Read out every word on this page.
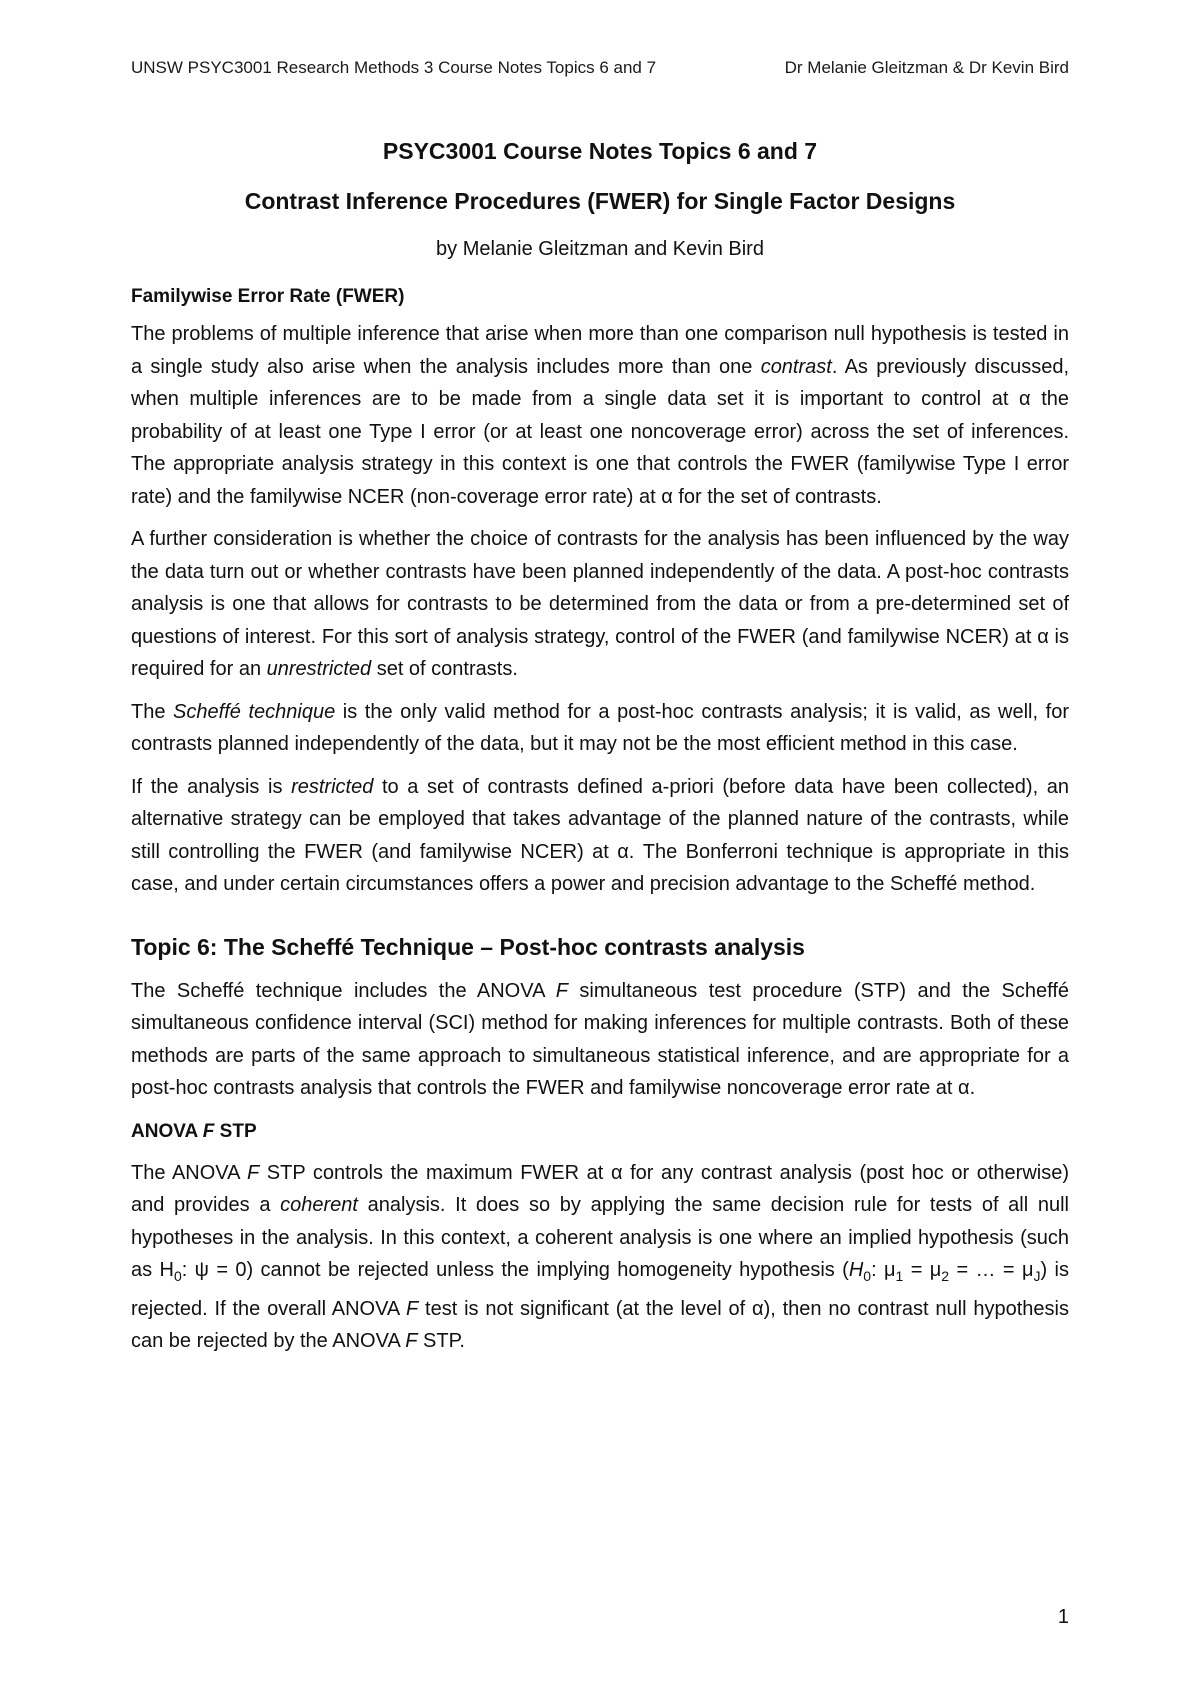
UNSW PSYC3001 Research Methods 3 Course Notes Topics 6 and 7	Dr Melanie Gleitzman & Dr Kevin Bird
PSYC3001 Course Notes Topics 6 and 7
Contrast Inference Procedures (FWER) for Single Factor Designs
by Melanie Gleitzman and Kevin Bird
Familywise Error Rate (FWER)

The problems of multiple inference that arise when more than one comparison null hypothesis is tested in a single study also arise when the analysis includes more than one contrast. As previously discussed, when multiple inferences are to be made from a single data set it is important to control at α the probability of at least one Type I error (or at least one noncoverage error) across the set of inferences. The appropriate analysis strategy in this context is one that controls the FWER (familywise Type I error rate) and the familywise NCER (non-coverage error rate) at α for the set of contrasts.

A further consideration is whether the choice of contrasts for the analysis has been influenced by the way the data turn out or whether contrasts have been planned independently of the data. A post-hoc contrasts analysis is one that allows for contrasts to be determined from the data or from a pre-determined set of questions of interest. For this sort of analysis strategy, control of the FWER (and familywise NCER) at α is required for an unrestricted set of contrasts.

The Scheffé technique is the only valid method for a post-hoc contrasts analysis; it is valid, as well, for contrasts planned independently of the data, but it may not be the most efficient method in this case.

If the analysis is restricted to a set of contrasts defined a-priori (before data have been collected), an alternative strategy can be employed that takes advantage of the planned nature of the contrasts, while still controlling the FWER (and familywise NCER) at α. The Bonferroni technique is appropriate in this case, and under certain circumstances offers a power and precision advantage to the Scheffé method.

Topic 6: The Scheffé Technique – Post-hoc contrasts analysis

The Scheffé technique includes the ANOVA F simultaneous test procedure (STP) and the Scheffé simultaneous confidence interval (SCI) method for making inferences for multiple contrasts. Both of these methods are parts of the same approach to simultaneous statistical inference, and are appropriate for a post-hoc contrasts analysis that controls the FWER and familywise noncoverage error rate at α.

ANOVA F STP

The ANOVA F STP controls the maximum FWER at α for any contrast analysis (post hoc or otherwise) and provides a coherent analysis. It does so by applying the same decision rule for tests of all null hypotheses in the analysis. In this context, a coherent analysis is one where an implied hypothesis (such as $H_0$: ψ = 0) cannot be rejected unless the implying homogeneity hypothesis ($H_0$: $\mu_1 = \mu_2$ = … = $\mu_J$) is rejected. If the overall ANOVA F test is not significant (at the level of α), then no contrast null hypothesis can be rejected by the ANOVA F STP.

1
